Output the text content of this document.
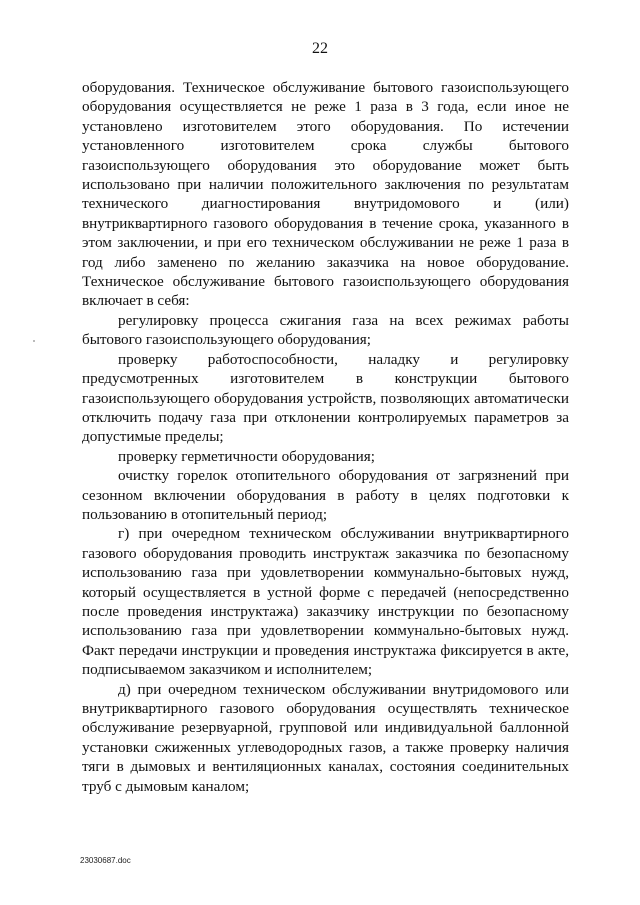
22

оборудования. Техническое обслуживание бытового газоиспользующего оборудования осуществляется не реже 1 раза в 3 года, если иное не установлено изготовителем этого оборудования. По истечении установленного изготовителем срока службы бытового газоиспользующего оборудования это оборудование может быть использовано при наличии положительного заключения по результатам технического диагностирования внутридомового и (или) внутриквартирного газового оборудования в течение срока, указанного в этом заключении, и при его техническом обслуживании не реже 1 раза в год либо заменено по желанию заказчика на новое оборудование. Техническое обслуживание бытового газоиспользующего оборудования включает в себя:

регулировку процесса сжигания газа на всех режимах работы бытового газоиспользующего оборудования;

проверку работоспособности, наладку и регулировку предусмотренных изготовителем в конструкции бытового газоиспользующего оборудования устройств, позволяющих автоматически отключить подачу газа при отклонении контролируемых параметров за допустимые пределы;

проверку герметичности оборудования;

очистку горелок отопительного оборудования от загрязнений при сезонном включении оборудования в работу в целях подготовки к пользованию в отопительный период;

г) при очередном техническом обслуживании внутриквартирного газового оборудования проводить инструктаж заказчика по безопасному использованию газа при удовлетворении коммунально-бытовых нужд, который осуществляется в устной форме с передачей (непосредственно после проведения инструктажа) заказчику инструкции по безопасному использованию газа при удовлетворении коммунально-бытовых нужд. Факт передачи инструкции и проведения инструктажа фиксируется в акте, подписываемом заказчиком и исполнителем;

д) при очередном техническом обслуживании внутридомового или внутриквартирного газового оборудования осуществлять техническое обслуживание резервуарной, групповой или индивидуальной баллонной установки сжиженных углеводородных газов, а также проверку наличия тяги в дымовых и вентиляционных каналах, состояния соединительных труб с дымовым каналом;

23030687.doc
